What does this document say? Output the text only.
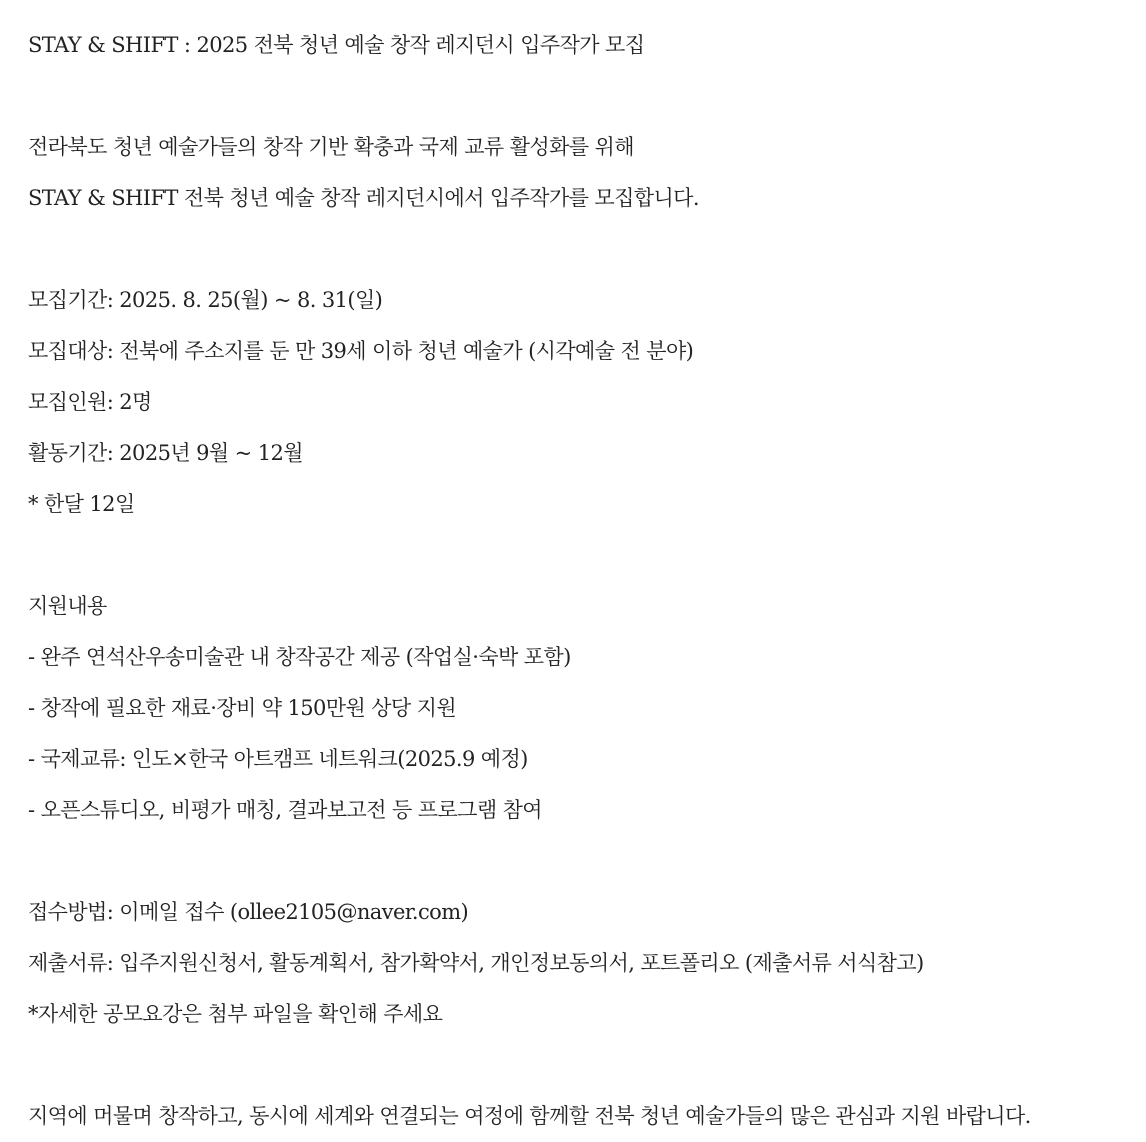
STAY & SHIFT : 2025 전북 청년 예술 창작 레지던시 입주작가 모집
전라북도 청년 예술가들의 창작 기반 확충과 국제 교류 활성화를 위해
STAY & SHIFT 전북 청년 예술 창작 레지던시에서 입주작가를 모집합니다.
모집기간: 2025. 8. 25(월) ~ 8. 31(일)
모집대상: 전북에 주소지를 둔 만 39세 이하 청년 예술가 (시각예술 전 분야)
모집인원: 2명
활동기간: 2025년 9월 ~ 12월
* 한달 12일
지원내용
- 완주 연석산우송미술관 내 창작공간 제공 (작업실·숙박 포함)
- 창작에 필요한 재료·장비 약 150만원 상당 지원
- 국제교류: 인도×한국 아트캠프 네트워크(2025.9 예정)
- 오픈스튜디오, 비평가 매칭, 결과보고전 등 프로그램 참여
접수방법: 이메일 접수 (ollee2105@naver.com)
제출서류: 입주지원신청서, 활동계획서, 참가확약서, 개인정보동의서, 포트폴리오 (제출서류 서식참고)
*자세한 공모요강은 첨부 파일을 확인해 주세요
지역에 머물며 창작하고, 동시에 세계와 연결되는 여정에 함께할 전북 청년 예술가들의 많은 관심과 지원 바랍니다.
